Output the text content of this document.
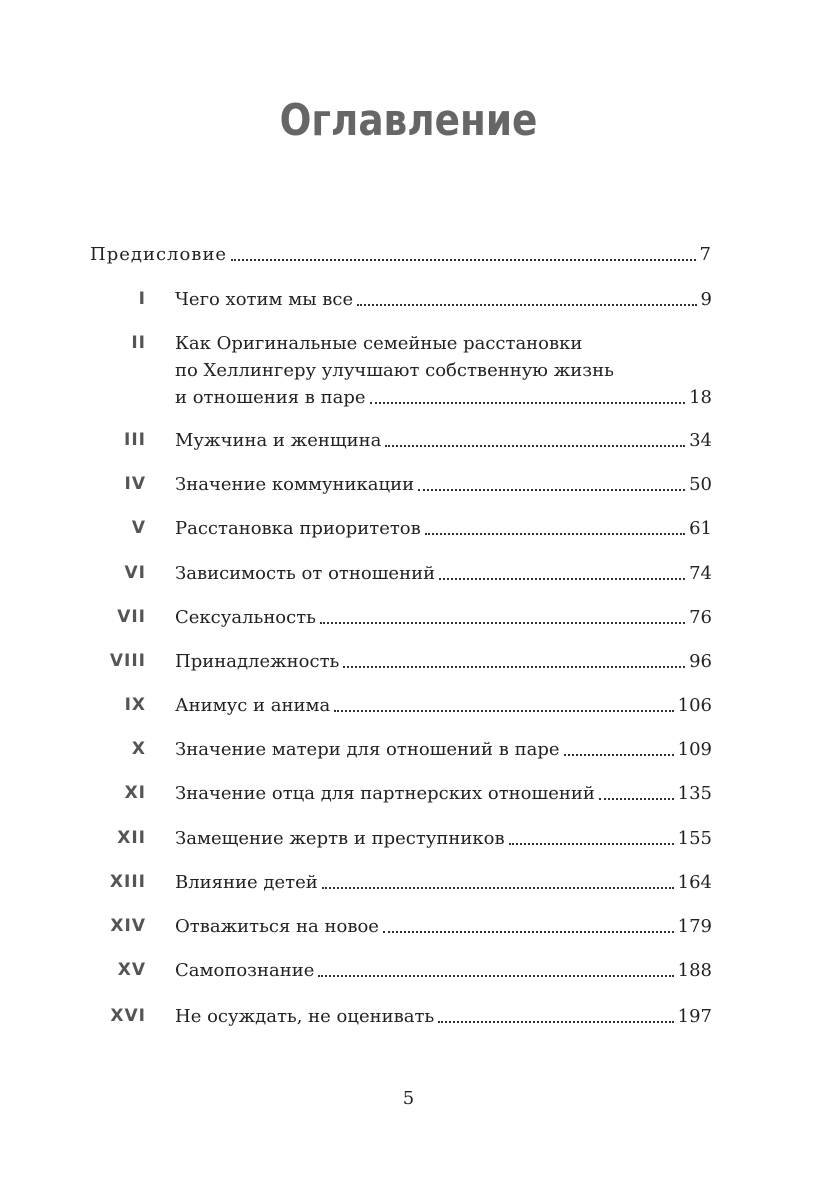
Оглавление
Предисловие	7
I Чего хотим мы все	9
II Как Оригинальные семейные расстановки
по Хеллингеру улучшают собственную жизнь
и отношения в паре	18
III Мужчина и женщина	34
IV Значение коммуникации	50
V Расстановка приоритетов	61
VI Зависимость от отношений	74
VII Сексуальность	76
VIII Принадлежность	96
IX Анимус и анима	106
X Значение матери для отношений в паре	109
XI Значение отца для партнерских отношений	135
XII Замещение жертв и преступников	155
XIII Влияние детей	164
XIV Отважиться на новое	179
XV Самопознание	188
XVI Не осуждать, не оценивать	197
5
